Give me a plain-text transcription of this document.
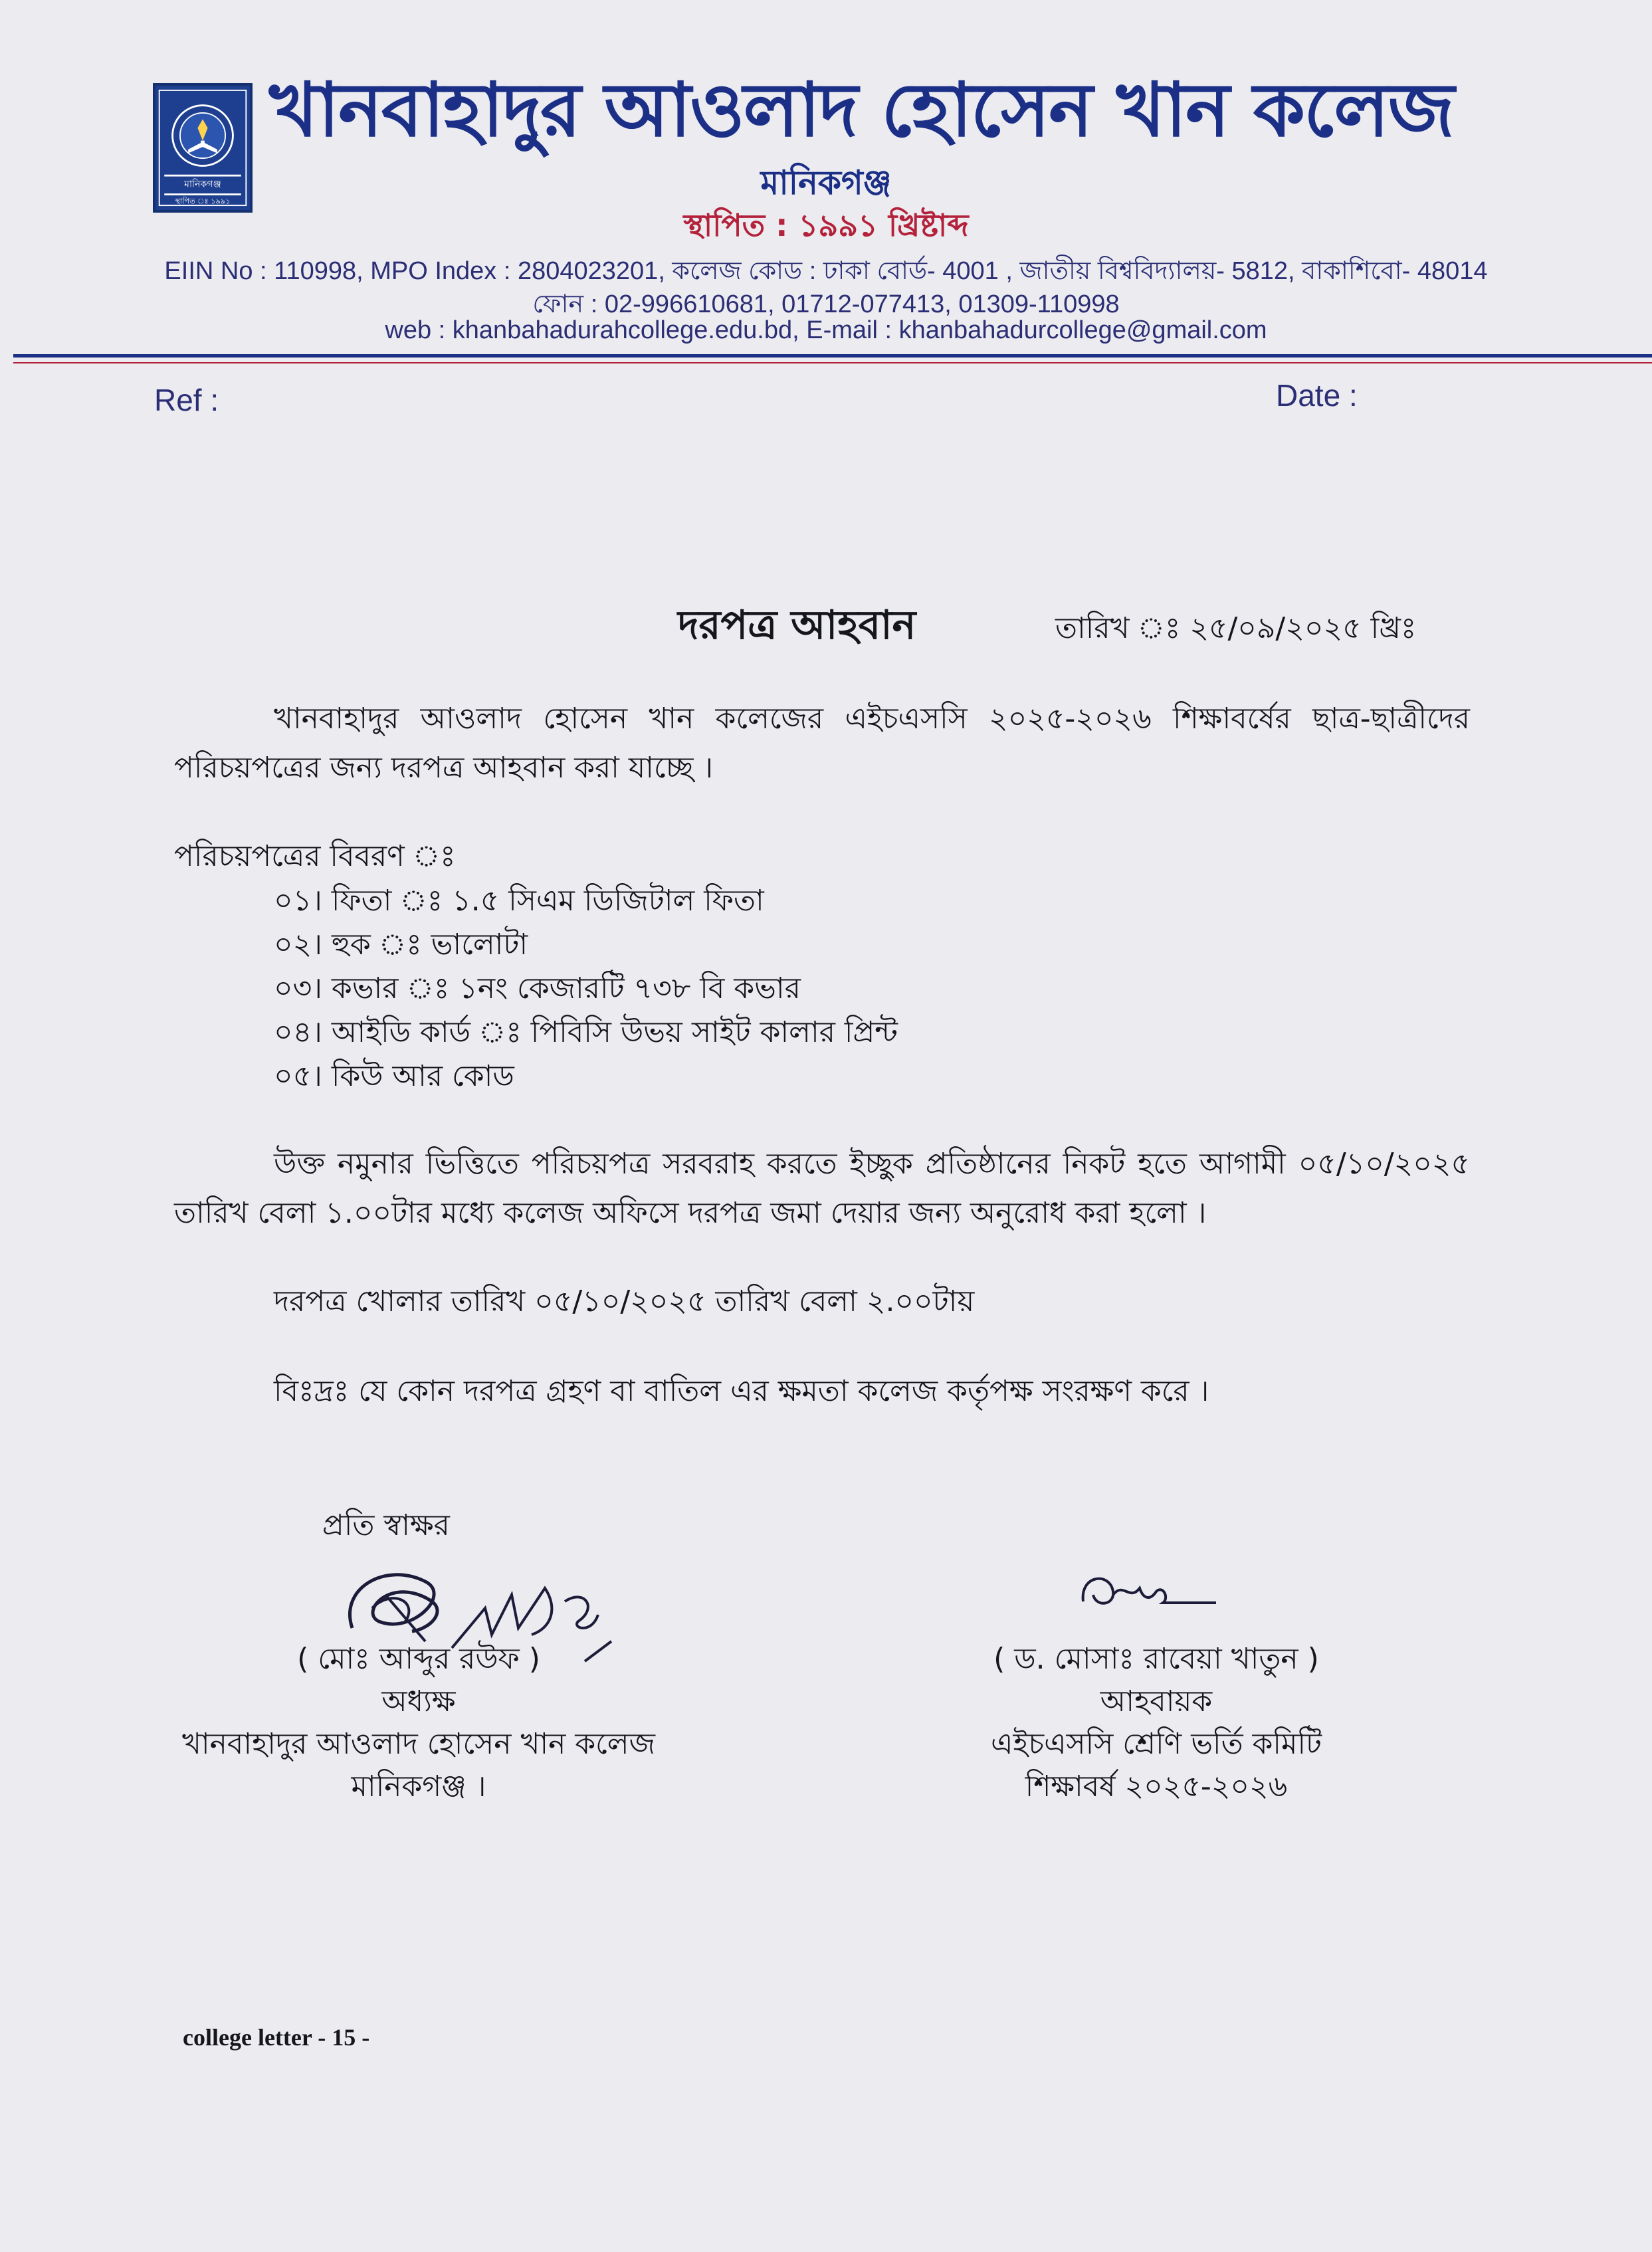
মানিকগঞ্জ
স্থাপিত ঃ ১৯৯১
খানবাহাদুর আওলাদ হোসেন খান কলেজ
মানিকগঞ্জ
স্থাপিত : ১৯৯১ খ্রিষ্টাব্দ
EIIN No : 110998, MPO Index : 2804023201, কলেজ কোড : ঢাকা বোর্ড- 4001 , জাতীয় বিশ্ববিদ্যালয়- 5812, বাকাশিবো- 48014
ফোন : 02-996610681, 01712-077413, 01309-110998
web : khanbahadurahcollege.edu.bd, E-mail : khanbahadurcollege@gmail.com
Ref :	Date :
দরপত্র আহবান	তারিখ ঃ ২৫/০৯/২০২৫ খ্রিঃ
খানবাহাদুর আওলাদ হোসেন খান কলেজের এইচএসসি ২০২৫-২০২৬ শিক্ষাবর্ষের ছাত্র-ছাত্রীদের পরিচয়পত্রের জন্য দরপত্র আহবান করা যাচ্ছে ।
পরিচয়পত্রের বিবরণ ঃ
০১। ফিতা ঃ ১.৫ সিএম ডিজিটাল ফিতা
০২। হুক ঃ ভালোটা
০৩। কভার ঃ ১নং কেজারটি ৭৩৮ বি কভার
০৪। আইডি কার্ড ঃ পিবিসি উভয় সাইট কালার প্রিন্ট
০৫। কিউ আর কোড
উক্ত নমুনার ভিত্তিতে পরিচয়পত্র সরবরাহ করতে ইচ্ছুক প্রতিষ্ঠানের নিকট হতে আগামী ০৫/১০/২০২৫ তারিখ বেলা ১.০০টার মধ্যে কলেজ অফিসে দরপত্র জমা দেয়ার জন্য অনুরোধ করা হলো ।
দরপত্র খোলার তারিখ ০৫/১০/২০২৫ তারিখ বেলা ২.০০টায়
বিঃদ্রঃ যে কোন দরপত্র গ্রহণ বা বাতিল এর ক্ষমতা কলেজ কর্তৃপক্ষ সংরক্ষণ করে ।
প্রতি স্বাক্ষর
( মোঃ আব্দুর রউফ )
অধ্যক্ষ
খানবাহাদুর আওলাদ হোসেন খান কলেজ
মানিকগঞ্জ ।
( ড. মোসাঃ রাবেয়া খাতুন )
আহবায়ক
এইচএসসি শ্রেণি ভর্তি কমিটি
শিক্ষাবর্ষ ২০২৫-২০২৬
college letter - 15 -
